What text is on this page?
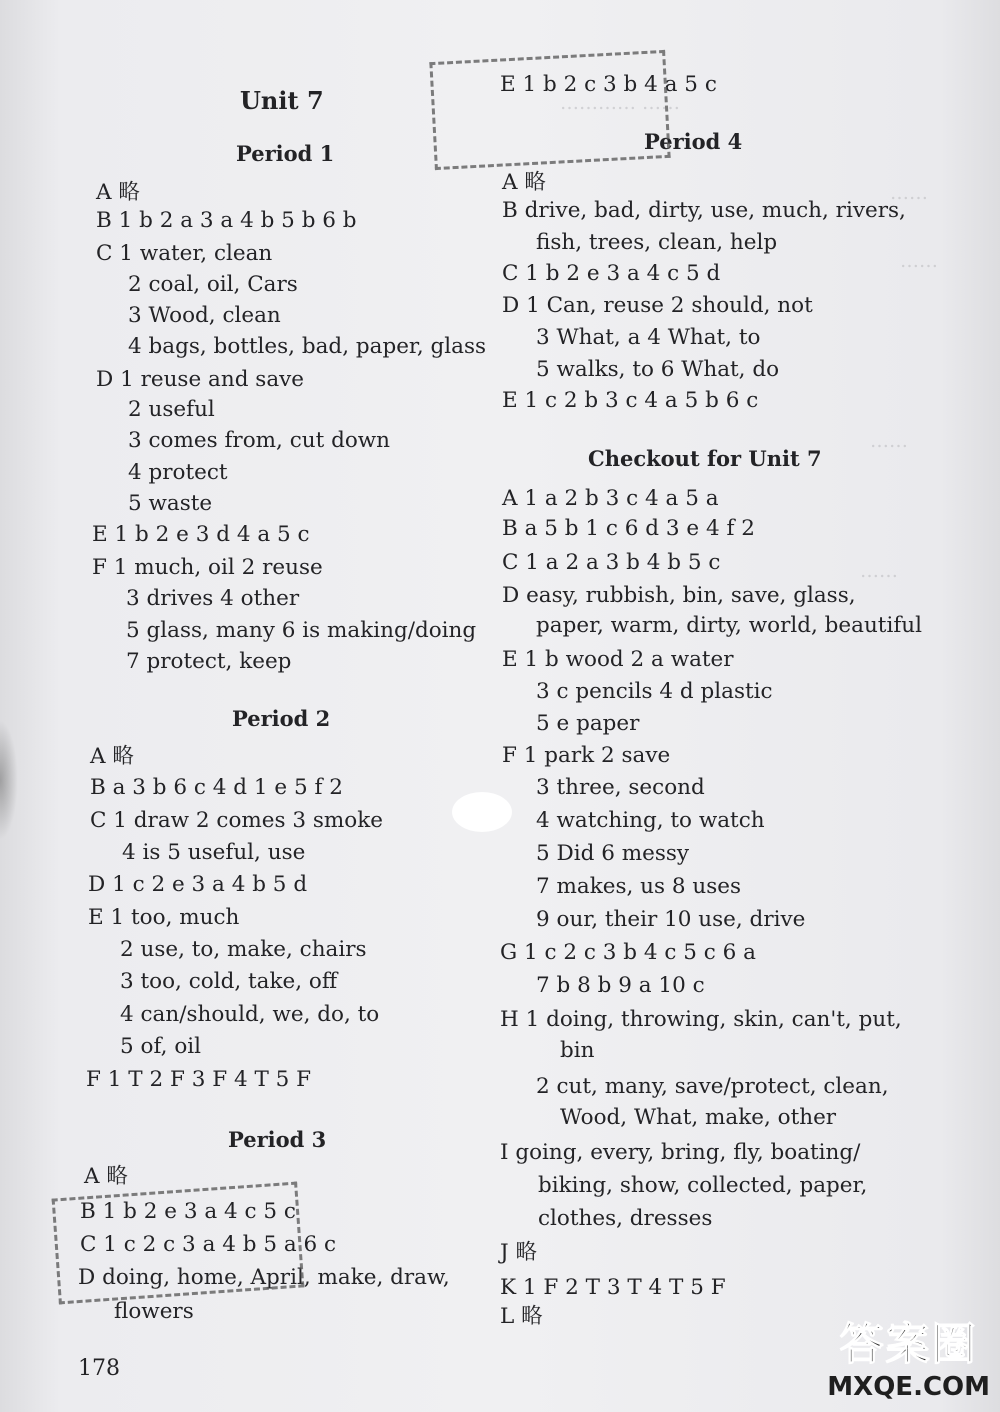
………… ……
……
……
……
……
Unit 7
Period 1
A 略
B 1 b 2 a 3 a 4 b 5 b 6 b
C 1 water, clean
2 coal, oil, Cars
3 Wood, clean
4 bags, bottles, bad, paper, glass
D 1 reuse and save
2 useful
3 comes from, cut down
4 protect
5 waste
E 1 b 2 e 3 d 4 a 5 c
F 1 much, oil 2 reuse
3 drives 4 other
5 glass, many 6 is making/doing
7 protect, keep
Period 2
A 略
B a 3 b 6 c 4 d 1 e 5 f 2
C 1 draw 2 comes 3 smoke
4 is 5 useful, use
D 1 c 2 e 3 a 4 b 5 d
E 1 too, much
2 use, to, make, chairs
3 too, cold, take, off
4 can/should, we, do, to
5 of, oil
F 1 T 2 F 3 F 4 T 5 F
Period 3
A 略
B 1 b 2 e 3 a 4 c 5 c
C 1 c 2 c 3 a 4 b 5 a 6 c
D doing, home, April, make, draw,
flowers
178
E 1 b 2 c 3 b 4 a 5 c
Period 4
A 略
B drive, bad, dirty, use, much, rivers,
fish, trees, clean, help
C 1 b 2 e 3 a 4 c 5 d
D 1 Can, reuse 2 should, not
3 What, a 4 What, to
5 walks, to 6 What, do
E 1 c 2 b 3 c 4 a 5 b 6 c
Checkout for Unit 7
A 1 a 2 b 3 c 4 a 5 a
B a 5 b 1 c 6 d 3 e 4 f 2
C 1 a 2 a 3 b 4 b 5 c
D easy, rubbish, bin, save, glass,
paper, warm, dirty, world, beautiful
E 1 b wood 2 a water
3 c pencils 4 d plastic
5 e paper
F 1 park 2 save
3 three, second
4 watching, to watch
5 Did 6 messy
7 makes, us 8 uses
9 our, their 10 use, drive
G 1 c 2 c 3 b 4 c 5 c 6 a
7 b 8 b 9 a 10 c
H 1 doing, throwing, skin, can't, put,
bin
2 cut, many, save/protect, clean,
Wood, What, make, other
I going, every, bring, fly, boating/
biking, show, collected, paper,
clothes, dresses
J 略
K 1 F 2 T 3 T 4 T 5 F
L 略
答案圈
MXQE.COM
